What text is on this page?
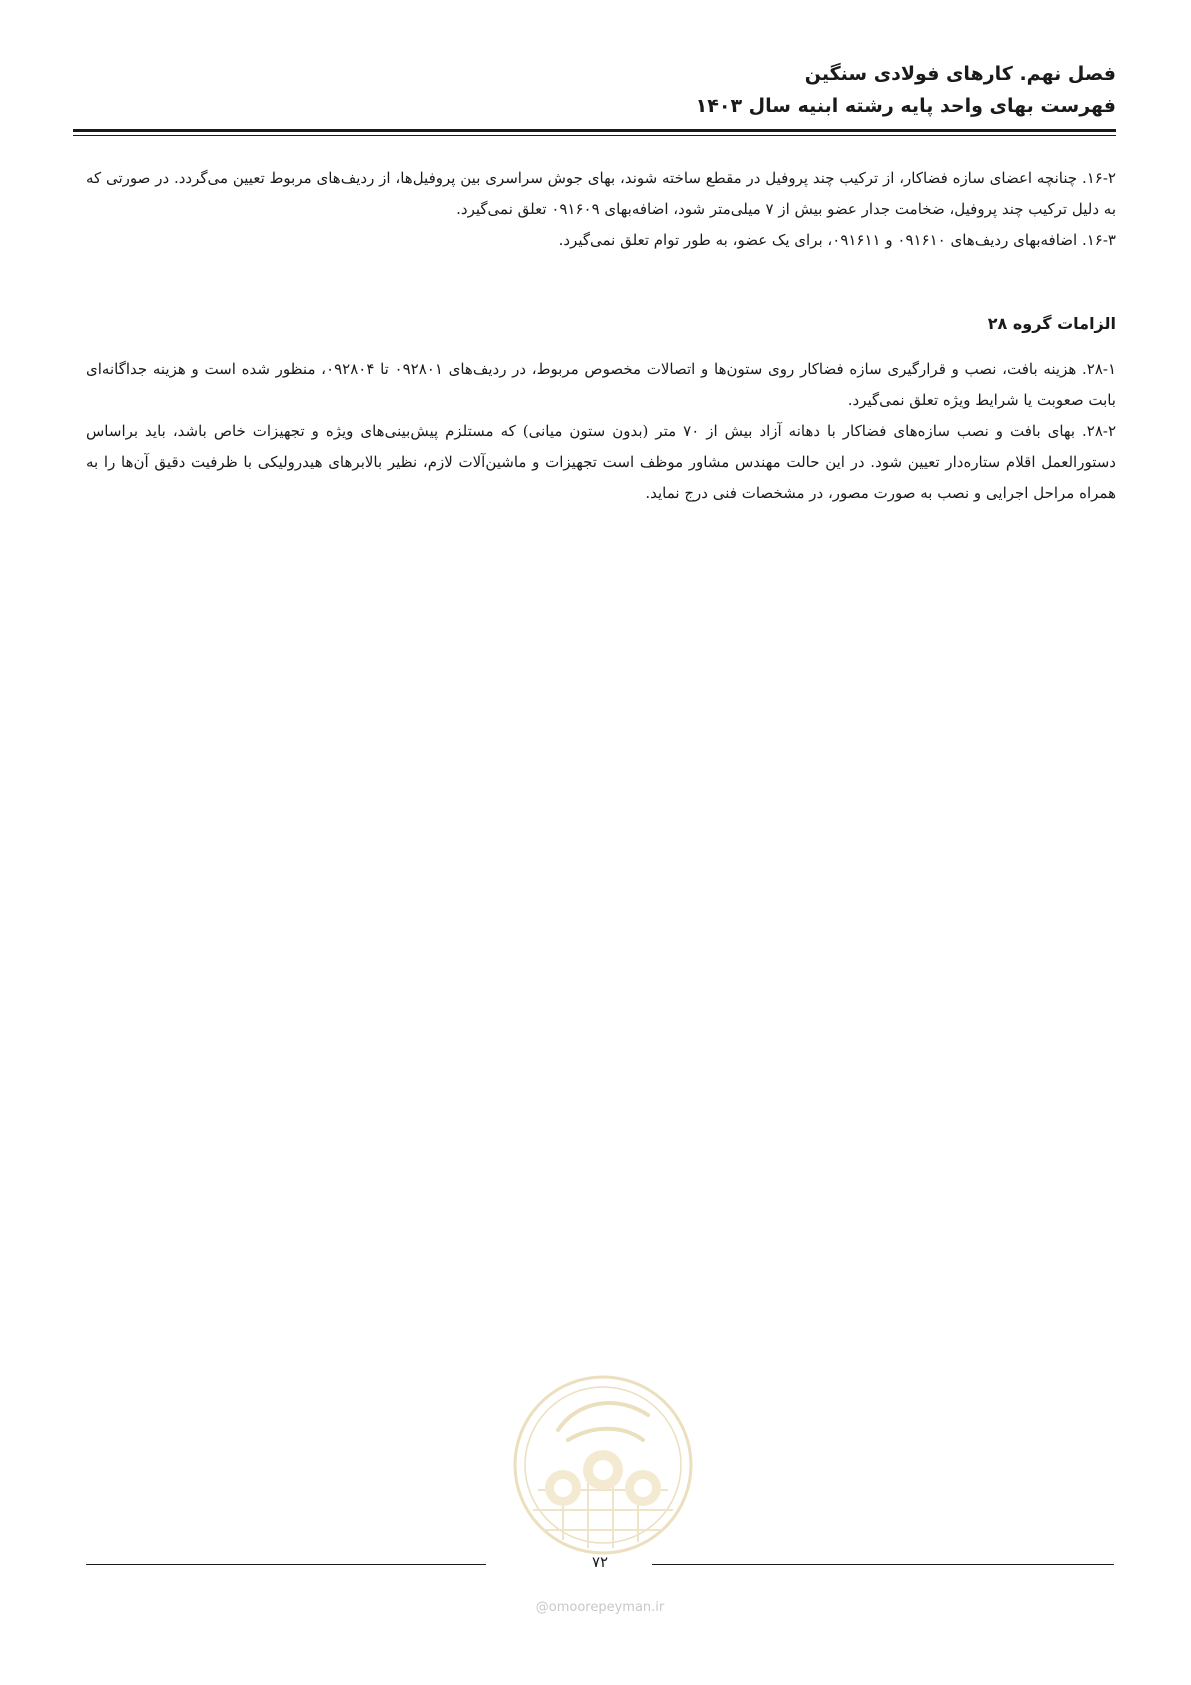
فصل نهم. کارهای فولادی سنگین
فهرست بهای واحد پایه رشته ابنیه سال ۱۴۰۳

۱۶-۲. چنانچه اعضای سازه فضاکار، از ترکیب چند پروفیل در مقطع ساخته شوند، بهای جوش سراسری بین پروفیل‌ها، از ردیف‌های مربوط تعیین می‌گردد. در صورتی که به دلیل ترکیب چند پروفیل، ضخامت جدار عضو بیش از ۷ میلی‌متر شود، اضافه‌بهای ۰۹۱۶۰۹ تعلق نمی‌گیرد.

۱۶-۳. اضافه‌بهای ردیف‌های ۰۹۱۶۱۰ و ۰۹۱۶۱۱، برای یک عضو، به طور توام تعلق نمی‌گیرد.

الزامات گروه ۲۸

۲۸-۱. هزینه بافت، نصب و قرارگیری سازه فضاکار روی ستون‌ها و اتصالات مخصوص مربوط، در ردیف‌های ۰۹۲۸۰۱ تا ۰۹۲۸۰۴، منظور شده است و هزینه جداگانه‌ای بابت صعوبت یا شرایط ویژه تعلق نمی‌گیرد.

۲۸-۲. بهای بافت و نصب سازه‌های فضاکار با دهانه آزاد بیش از ۷۰ متر (بدون ستون میانی) که مستلزم پیش‌بینی‌های ویژه و تجهیزات خاص باشد، باید براساس دستورالعمل اقلام ستاره‌دار تعیین شود. در این حالت مهندس مشاور موظف است تجهیزات و ماشین‌آلات لازم، نظیر بالابرهای هیدرولیکی با ظرفیت دقیق آن‌ها را به همراه مراحل اجرایی و نصب به صورت مصور، در مشخصات فنی درج نماید.

۷۲
@omoorepeyman.ir
